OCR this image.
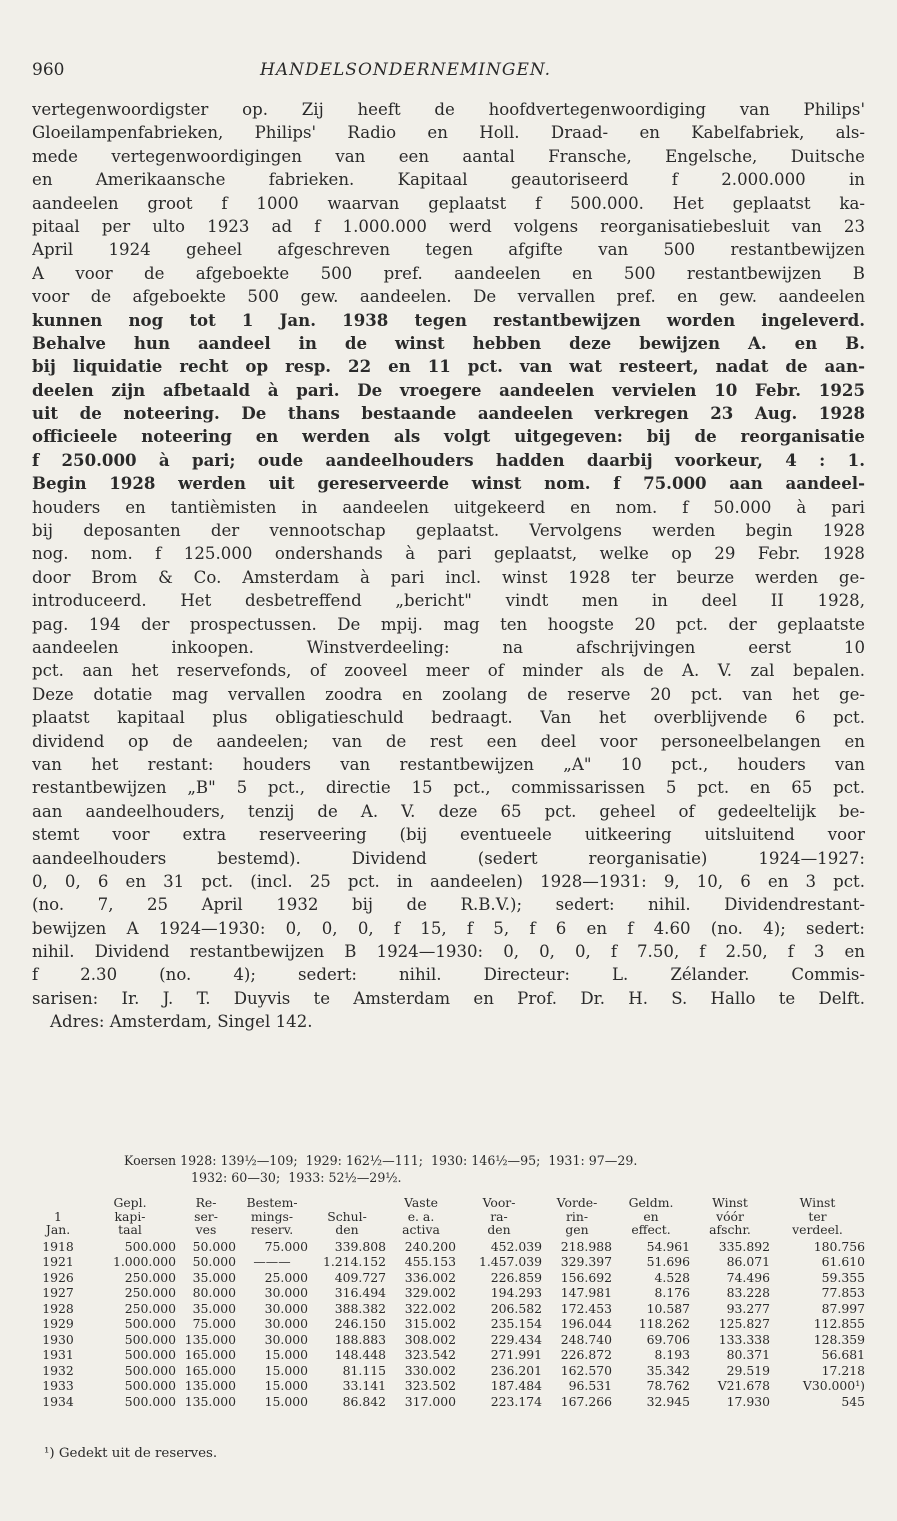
960	HANDELSONDERNEMINGEN.
vertegenwoordigster op. Zij heeft de hoofdvertegenwoordiging van Philips'
Gloeilampenfabrieken, Philips' Radio en Holl. Draad- en Kabelfabriek, als-
mede vertegenwoordigingen van een aantal Fransche, Engelsche, Duitsche
en Amerikaansche fabrieken. Kapitaal geautoriseerd f 2.000.000 in
aandeelen groot f 1000 waarvan geplaatst f 500.000. Het geplaatst ka-
pitaal per ulto 1923 ad f 1.000.000 werd volgens reorganisatiebesluit van 23
April 1924 geheel afgeschreven tegen afgifte van 500 restantbewijzen
A voor de afgeboekte 500 pref. aandeelen en 500 restantbewijzen B
voor de afgeboekte 500 gew. aandeelen. De vervallen pref. en gew. aandeelen
kunnen nog tot 1 Jan. 1938 tegen restantbewijzen worden ingeleverd.
Behalve hun aandeel in de winst hebben deze bewijzen A. en B.
bij liquidatie recht op resp. 22 en 11 pct. van wat resteert, nadat de aan-
deelen zijn afbetaald à pari. De vroegere aandeelen vervielen 10 Febr. 1925
uit de noteering. De thans bestaande aandeelen verkregen 23 Aug. 1928
officieele noteering en werden als volgt uitgegeven: bij de reorganisatie
f 250.000 à pari; oude aandeelhouders hadden daarbij voorkeur, 4 : 1.
Begin 1928 werden uit gereserveerde winst nom. f 75.000 aan aandeel-
houders en tantièmisten in aandeelen uitgekeerd en nom. f 50.000 à pari
bij deposanten der vennootschap geplaatst. Vervolgens werden begin 1928
nog. nom. f 125.000 ondershands à pari geplaatst, welke op 29 Febr. 1928
door Brom & Co. Amsterdam à pari incl. winst 1928 ter beurze werden ge-
introduceerd. Het desbetreffend „bericht" vindt men in deel II 1928,
pag. 194 der prospectussen. De mpij. mag ten hoogste 20 pct. der geplaatste
aandeelen inkoopen. Winstverdeeling: na afschrijvingen eerst 10
pct. aan het reservefonds, of zooveel meer of minder als de A. V. zal bepalen.
Deze dotatie mag vervallen zoodra en zoolang de reserve 20 pct. van het ge-
plaatst kapitaal plus obligatieschuld bedraagt. Van het overblijvende 6 pct.
dividend op de aandeelen; van de rest een deel voor personeelbelangen en
van het restant: houders van restantbewijzen „A" 10 pct., houders van
restantbewijzen „B" 5 pct., directie 15 pct., commissarissen 5 pct. en 65 pct.
aan aandeelhouders, tenzij de A. V. deze 65 pct. geheel of gedeeltelijk be-
stemt voor extra reserveering (bij eventueele uitkeering uitsluitend voor
aandeelhouders bestemd). Dividend (sedert reorganisatie) 1924—1927:
0, 0, 6 en 31 pct. (incl. 25 pct. in aandeelen) 1928—1931: 9, 10, 6 en 3 pct.
(no. 7, 25 April 1932 bij de R.B.V.); sedert: nihil. Dividendrestant-
bewijzen A 1924—1930: 0, 0, 0, f 15, f 5, f 6 en f 4.60 (no. 4); sedert:
nihil. Dividend restantbewijzen B 1924—1930: 0, 0, 0, f 7.50, f 2.50, f 3 en
f 2.30 (no. 4); sedert: nihil. Directeur: L. Zélander. Commis-
sarisen: Ir. J. T. Duyvis te Amsterdam en Prof. Dr. H. S. Hallo te Delft.
Adres: Amsterdam, Singel 142.
Koersen 1928: 139½—109;  1929: 162½—111;  1930: 146½—95;  1931: 97—29.
1932: 60—30;  1933: 52½—29½.
	Gepl.	Re-	Bestem-		Vaste	Voor-	Vorde-	Geldm.	Winst	Winst
1	kapi-	ser-	mings-	Schul-	e. a.	ra-	rin-	en	vóór	ter
Jan.	taal	ves	reserv.	den	activa	den	gen	effect.	afschr.	verdeel.
1918	500.000	50.000	75.000	339.808	240.200	452.039	218.988	54.961	335.892	180.756
1921	1.000.000	50.000	———	1.214.152	455.153	1.457.039	329.397	51.696	86.071	61.610
1926	250.000	35.000	25.000	409.727	336.002	226.859	156.692	4.528	74.496	59.355
1927	250.000	80.000	30.000	316.494	329.002	194.293	147.981	8.176	83.228	77.853
1928	250.000	35.000	30.000	388.382	322.002	206.582	172.453	10.587	93.277	87.997
1929	500.000	75.000	30.000	246.150	315.002	235.154	196.044	118.262	125.827	112.855
1930	500.000	135.000	30.000	188.883	308.002	229.434	248.740	69.706	133.338	128.359
1931	500.000	165.000	15.000	148.448	323.542	271.991	226.872	8.193	80.371	56.681
1932	500.000	165.000	15.000	81.115	330.002	236.201	162.570	35.342	29.519	17.218
1933	500.000	135.000	15.000	33.141	323.502	187.484	96.531	78.762	V21.678	V30.000¹)
1934	500.000	135.000	15.000	86.842	317.000	223.174	167.266	32.945	17.930	545
¹) Gedekt uit de reserves.
